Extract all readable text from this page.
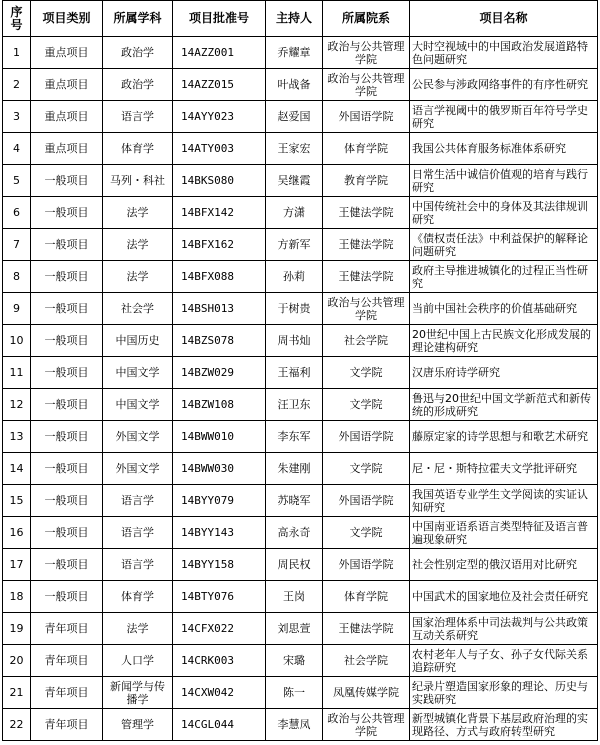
序号	项目类别	所属学科	项目批准号	主持人	所属院系	项目名称
1	重点项目	政治学	14AZZ001	乔耀章	政治与公共管理学院	大时空视域中的中国政治发展道路特色问题研究
2	重点项目	政治学	14AZZ015	叶战备	政治与公共管理学院	公民参与涉政网络事件的有序性研究
3	重点项目	语言学	14AYY023	赵爱国	外国语学院	语言学视阈中的俄罗斯百年符号学史研究
4	重点项目	体育学	14ATY003	王家宏	体育学院	我国公共体育服务标准体系研究
5	一般项目	马列・科社	14BKS080	吴继霞	教育学院	日常生活中诚信价值观的培育与践行研究
6	一般项目	法学	14BFX142	方潇	王健法学院	中国传统社会中的身体及其法律规训研究
7	一般项目	法学	14BFX162	方新军	王健法学院	《债权责任法》中利益保护的解释论问题研究
8	一般项目	法学	14BFX088	孙莉	王健法学院	政府主导推进城镇化的过程正当性研究
9	一般项目	社会学	14BSH013	于树贵	政治与公共管理学院	当前中国社会秩序的价值基础研究
10	一般项目	中国历史	14BZS078	周书灿	社会学院	20世纪中国上古民族文化形成发展的理论建构研究
11	一般项目	中国文学	14BZW029	王福利	文学院	汉唐乐府诗学研究
12	一般项目	中国文学	14BZW108	汪卫东	文学院	鲁迅与20世纪中国文学新范式和新传统的形成研究
13	一般项目	外国文学	14BWW010	李东军	外国语学院	藤原定家的诗学思想与和歌艺术研究
14	一般项目	外国文学	14BWW030	朱建刚	文学院	尼・尼・斯特拉霍夫文学批评研究
15	一般项目	语言学	14BYY079	苏晓军	外国语学院	我国英语专业学生文学阅读的实证认知研究
16	一般项目	语言学	14BYY143	高永奇	文学院	中国南亚语系语言类型特征及语言普遍现象研究
17	一般项目	语言学	14BYY158	周民权	外国语学院	社会性别定型的俄汉语用对比研究
18	一般项目	体育学	14BTY076	王岗	体育学院	中国武术的国家地位及社会责任研究
19	青年项目	法学	14CFX022	刘思萱	王健法学院	国家治理体系中司法裁判与公共政策互动关系研究
20	青年项目	人口学	14CRK003	宋璐	社会学院	农村老年人与子女、孙子女代际关系追踪研究
21	青年项目	新闻学与传播学	14CXW042	陈一	凤凰传媒学院	纪录片塑造国家形象的理论、历史与实践研究
22	青年项目	管理学	14CGL044	李慧凤	政治与公共管理学院	新型城镇化背景下基层政府治理的实现路径、方式与政府转型研究
